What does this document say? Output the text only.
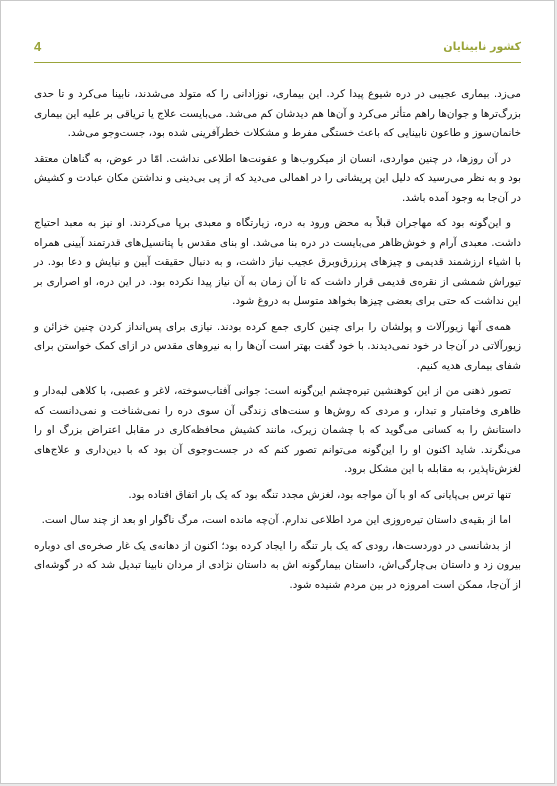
4	کشور نابینایان

می‌زد. بیماری عجیبی در دره شیوع پیدا کرد. این بیماری، نوزادانی را که متولد می‌شدند، نابینا می‌کرد و تا حدی بزرگ‌ترها و جوان‌ها راهم متأثر می‌کرد و آن‌ها هم دیدشان کم می‌شد. می‌بایست علاج یا تریاقی بر علیه این بیماری خانمان‌سوز و طاعون نابینایی که باعث خستگی مفرط و مشکلات خطرآفرینی شده بود، جست‌وجو می‌شد.

در آن روزها، در چنین مواردی، انسان از میکروب‌ها و عفونت‌ها اطلاعی نداشت. امّا در عوض، به گناهان معتقد بود و به نظر می‌رسید که دلیل این پریشانی را در اهمالی می‌دید که از پی بی‌دینی و نداشتن مکان عبادت و کشیش در آن‌جا به وجود آمده باشد.

و این‌گونه بود که مهاجران قبلاً به محض ورود به دره، زیارتگاه و معبدی برپا می‌کردند. او نیز به معبد احتیاج داشت. معبدی آرام و خوش‌ظاهر می‌بایست در دره بنا می‌شد. او بنای مقدس با پتانسیل‌های قدرتمند آیینی همراه با اشیاء ارزشمند قدیمی و چیزهای پرزرق‌وبرق عجیب نیاز داشت، و به دنبال حقیقت آیین و نیایش و دعا بود. در تیوراش شمشی از نقره‌ی قدیمی قرار داشت که تا آن زمان به آن نیاز پیدا نکرده بود. در این دره، او اصراری بر این نداشت که حتی برای بعضی چیزها بخواهد متوسل به دروغ شود.

همه‌ی آنها زیورآلات و پولشان را برای چنین کاری جمع کرده بودند. نیازی برای پس‌انداز کردن چنین خزائن و زیورآلاتی در آن‌جا در خود نمی‌دیدند. با خود گفت بهتر است آن‌ها را به نیروهای مقدس در ازای کمک خواستن برای شفای بیماری هدیه کنیم.

تصور ذهنی من از این کوهنشین تیره‌چشم این‌گونه است: جوانی آفتاب‌سوخته، لاغر و عصبی، با کلاهی لبه‌دار و ظاهری وخامتبار و تبدار، و مردی که روش‌ها و سنت‌های زندگی آن سوی دره را نمی‌شناخت و نمی‌دانست که داستانش را به کسانی می‌گوید که با چشمان زیرک، مانند کشیش محافظه‌کاری در مقابل اعتراض بزرگ او را می‌نگرند. شاید اکنون او را این‌گونه می‌توانم تصور کنم که در جست‌وجوی آن بود که با دین‌داری و علاج‌های لغزش‌ناپذیر، به مقابله با این مشکل برود.

تنها ترس بی‌پایانی که او با آن مواجه بود، لغزش مجدد تنگه بود که یک بار اتفاق افتاده بود.

اما از بقیه‌ی داستان تیره‌روزی این مرد اطلاعی ندارم. آن‌چه مانده است، مرگ ناگوار او بعد از چند سال است.

از بدشانسی در دوردست‌ها، رودی که یک بار تنگه را ایجاد کرده بود؛ اکنون از دهانه‌ی یک غار صخره‌ی ای دوباره بیرون زد و داستان بی‌چارگی‌اش، داستان بیمارگونه اش به داستان نژادی از مردان نابینا تبدیل شد که در گوشه‌ای از آن‌جا، ممکن است امروزه در بین مردم شنیده شود.
